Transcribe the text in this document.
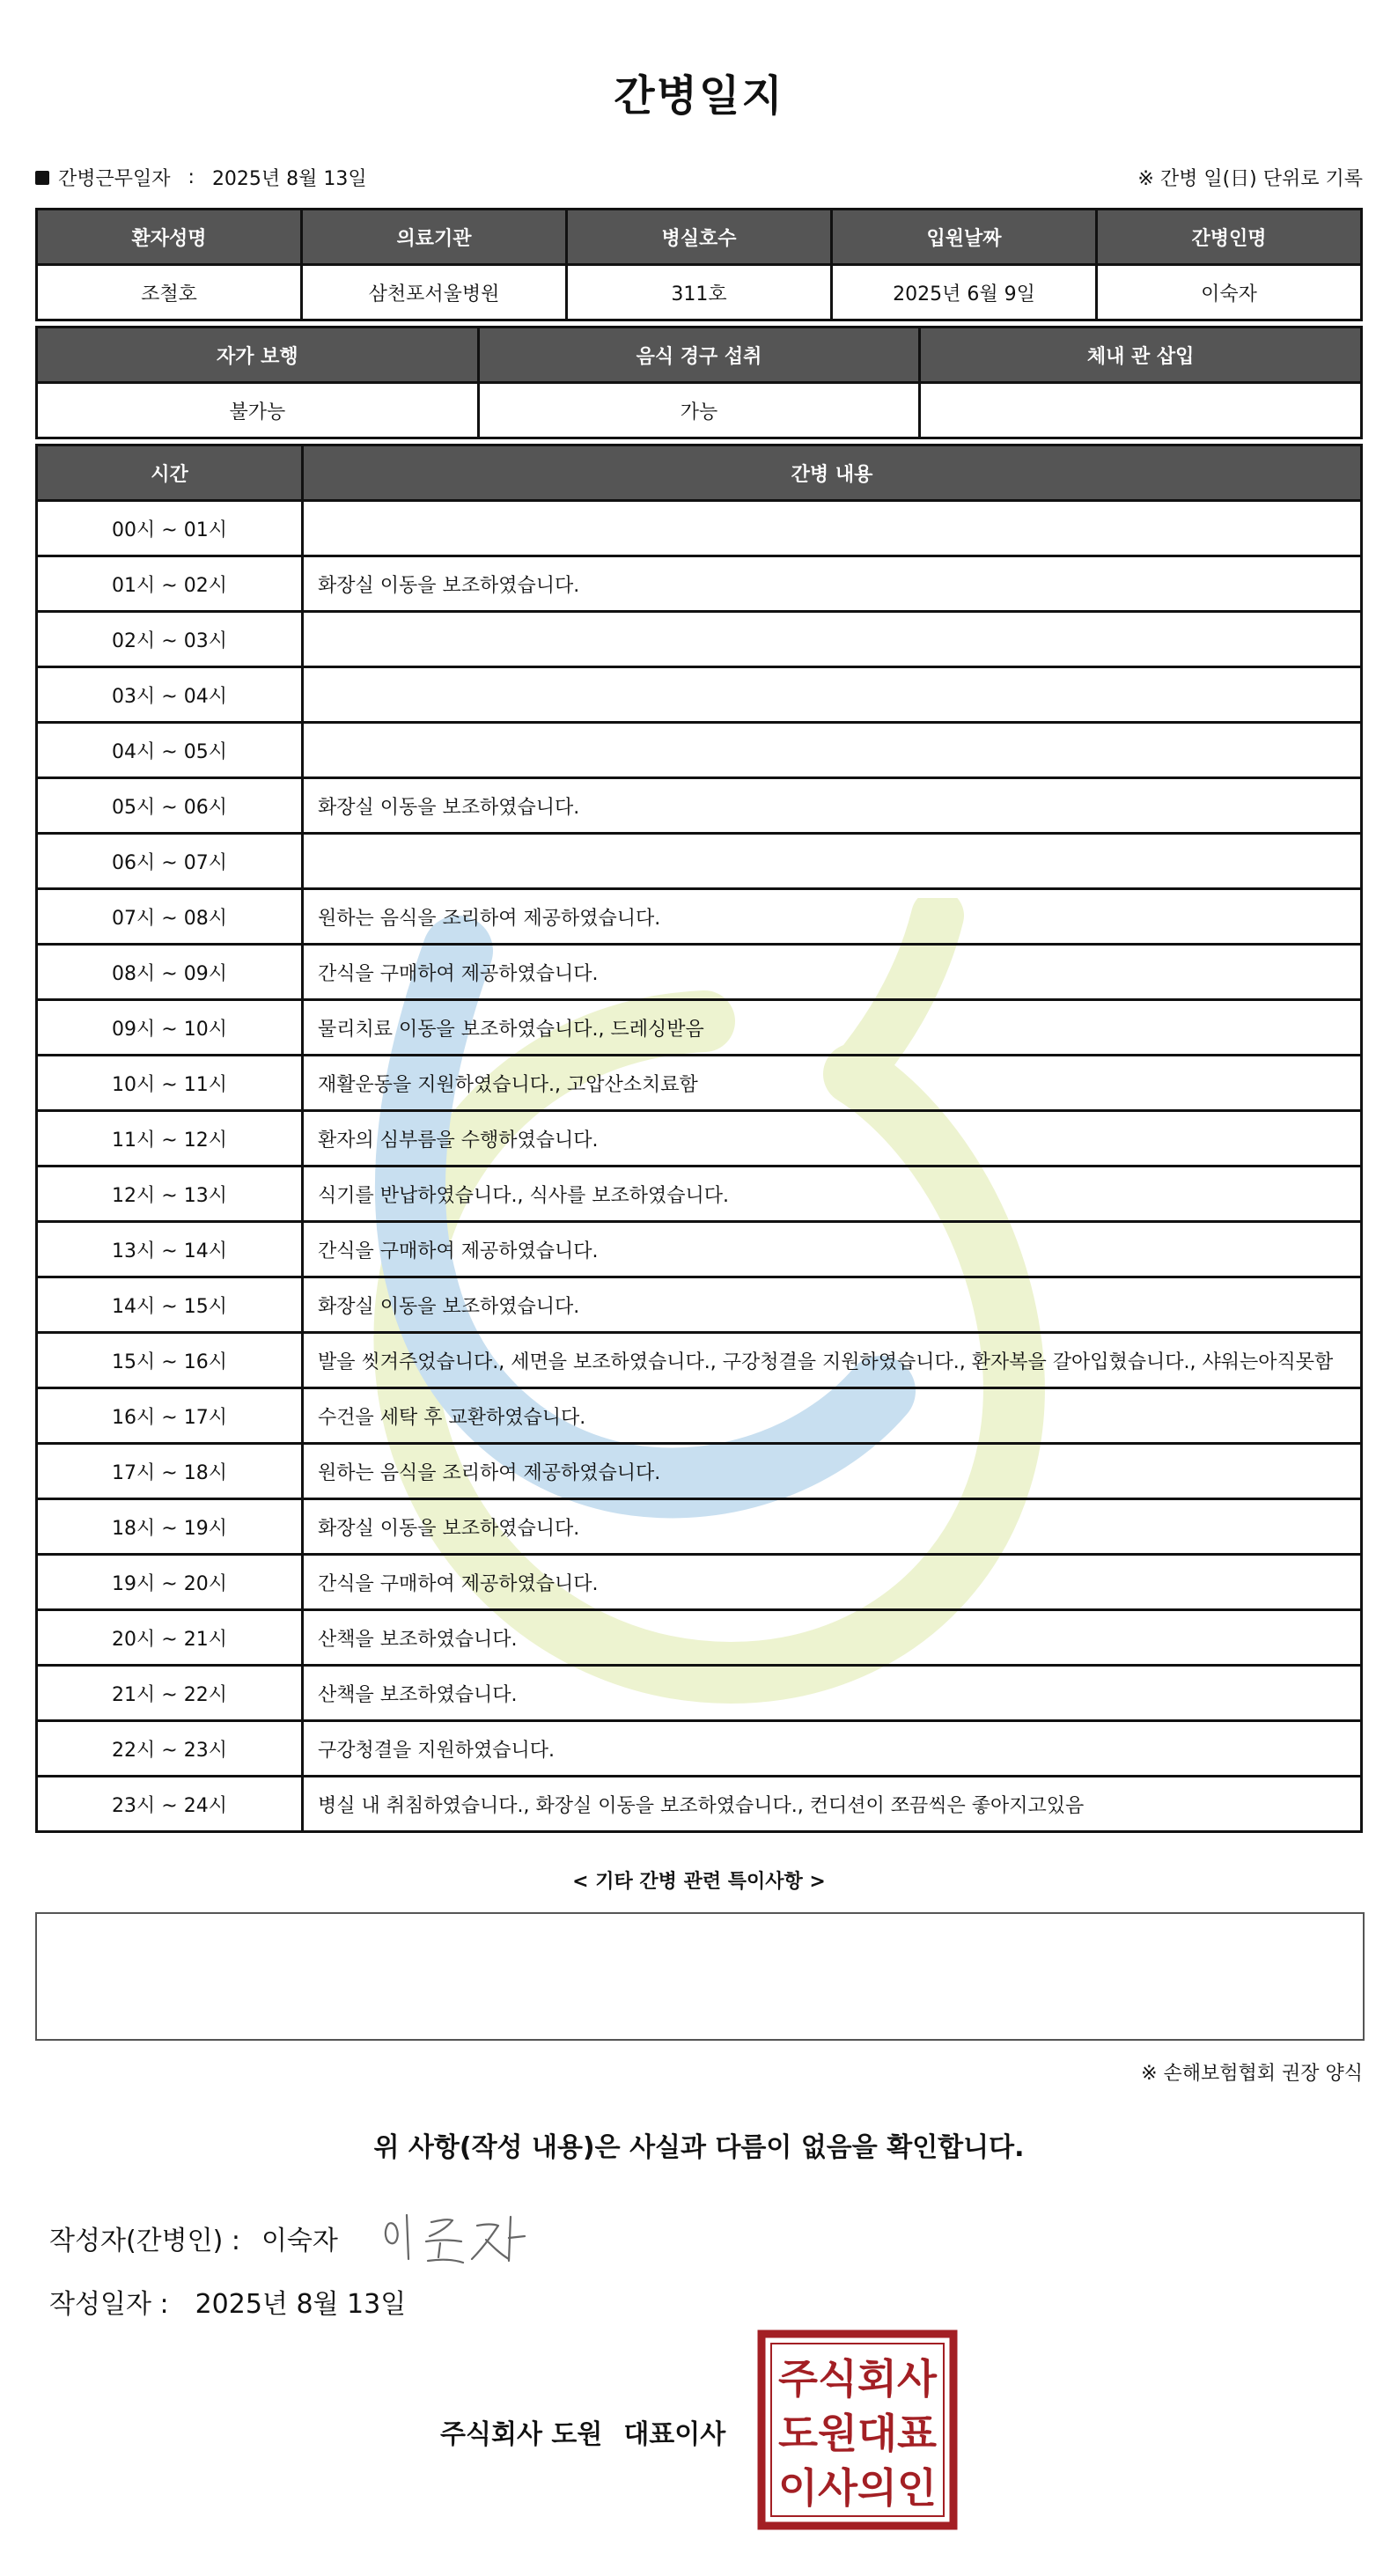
간병일지
간병근무일자 : 2025년 8월 13일	※ 간병 일(日) 단위로 기록
환자성명	의료기관	병실호수	입원날짜	간병인명
조철호	삼천포서울병원	311호	2025년 6월 9일	이숙자
자가 보행	음식 경구 섭취	체내 관 삽입
불가능	가능	
시간	간병 내용
00시 ~ 01시	
01시 ~ 02시	화장실 이동을 보조하였습니다.
02시 ~ 03시	
03시 ~ 04시	
04시 ~ 05시	
05시 ~ 06시	화장실 이동을 보조하였습니다.
06시 ~ 07시	
07시 ~ 08시	원하는 음식을 조리하여 제공하였습니다.
08시 ~ 09시	간식을 구매하여 제공하였습니다.
09시 ~ 10시	물리치료 이동을 보조하였습니다., 드레싱받음
10시 ~ 11시	재활운동을 지원하였습니다., 고압산소치료함
11시 ~ 12시	환자의 심부름을 수행하였습니다.
12시 ~ 13시	식기를 반납하였습니다., 식사를 보조하였습니다.
13시 ~ 14시	간식을 구매하여 제공하였습니다.
14시 ~ 15시	화장실 이동을 보조하였습니다.
15시 ~ 16시	발을 씻겨주었습니다., 세면을 보조하였습니다., 구강청결을 지원하였습니다., 환자복을 갈아입혔습니다., 샤워는아직못함
16시 ~ 17시	수건을 세탁 후 교환하였습니다.
17시 ~ 18시	원하는 음식을 조리하여 제공하였습니다.
18시 ~ 19시	화장실 이동을 보조하였습니다.
19시 ~ 20시	간식을 구매하여 제공하였습니다.
20시 ~ 21시	산책을 보조하였습니다.
21시 ~ 22시	산책을 보조하였습니다.
22시 ~ 23시	구강청결을 지원하였습니다.
23시 ~ 24시	병실 내 취침하였습니다., 화장실 이동을 보조하였습니다., 컨디션이 쪼끔씩은 좋아지고있음
< 기타 간병 관련 특이사항 >
※ 손해보험협회 권장 양식
위 사항(작성 내용)은 사실과 다름이 없음을 확인합니다.
작성자(간병인) : 이숙자
작성일자 : 2025년 8월 13일
주식회사 도원 대표이사
주식회사
도원대표
이사의인
